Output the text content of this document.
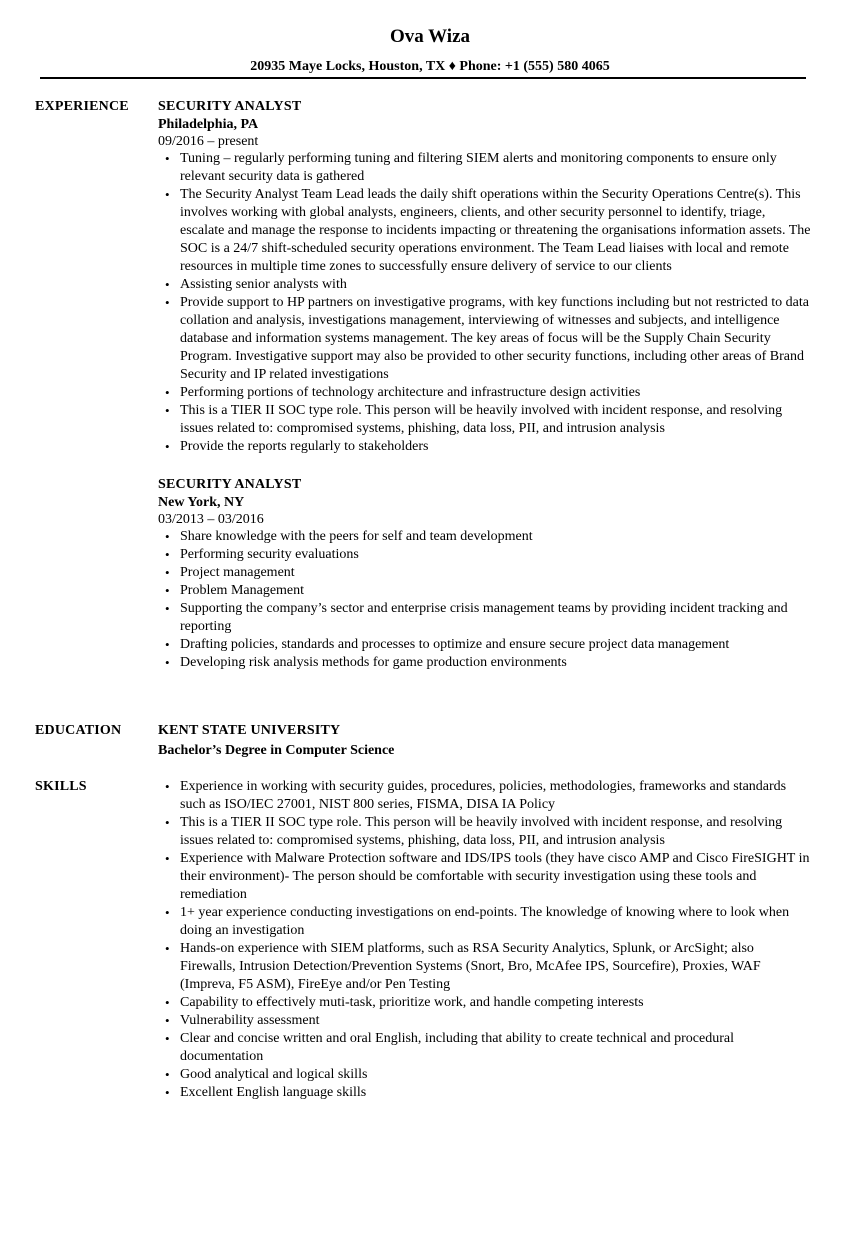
Ova Wiza
20935 Maye Locks, Houston, TX ♦ Phone: +1 (555) 580 4065
EXPERIENCE SECURITY ANALYST
Philadelphia, PA
09/2016 – present
• Tuning – regularly performing tuning and filtering SIEM alerts and monitoring components to ensure only relevant security data is gathered
• The Security Analyst Team Lead leads the daily shift operations within the Security Operations Centre(s). This involves working with global analysts, engineers, clients, and other security personnel to identify, triage, escalate and manage the response to incidents impacting or threatening the organisations information assets. The SOC is a 24/7 shift-scheduled security operations environment. The Team Lead liaises with local and remote resources in multiple time zones to successfully ensure delivery of service to our clients
• Assisting senior analysts with
• Provide support to HP partners on investigative programs, with key functions including but not restricted to data collation and analysis, investigations management, interviewing of witnesses and subjects, and intelligence database and information systems management. The key areas of focus will be the Supply Chain Security Program. Investigative support may also be provided to other security functions, including other areas of Brand Security and IP related investigations
• Performing portions of technology architecture and infrastructure design activities
• This is a TIER II SOC type role. This person will be heavily involved with incident response, and resolving issues related to: compromised systems, phishing, data loss, PII, and intrusion analysis
• Provide the reports regularly to stakeholders
SECURITY ANALYST
New York, NY
03/2013 – 03/2016
• Share knowledge with the peers for self and team development
• Performing security evaluations
• Project management
• Problem Management
• Supporting the company’s sector and enterprise crisis management teams by providing incident tracking and reporting
• Drafting policies, standards and processes to optimize and ensure secure project data management
• Developing risk analysis methods for game production environments
EDUCATION	KENT STATE UNIVERSITY
Bachelor’s Degree in Computer Science
SKILLS	• Experience in working with security guides, procedures, policies, methodologies, frameworks and standards such as ISO/IEC 27001, NIST 800 series, FISMA, DISA IA Policy
• This is a TIER II SOC type role. This person will be heavily involved with incident response, and resolving issues related to: compromised systems, phishing, data loss, PII, and intrusion analysis
• Experience with Malware Protection software and IDS/IPS tools (they have cisco AMP and Cisco FireSIGHT in their environment)- The person should be comfortable with security investigation using these tools and remediation
• 1+ year experience conducting investigations on end-points. The knowledge of knowing where to look when doing an investigation
• Hands-on experience with SIEM platforms, such as RSA Security Analytics, Splunk, or ArcSight; also Firewalls, Intrusion Detection/Prevention Systems (Snort, Bro, McAfee IPS, Sourcefire), Proxies, WAF (Impreva, F5 ASM), FireEye and/or Pen Testing
• Capability to effectively muti-task, prioritize work, and handle competing interests
• Vulnerability assessment
• Clear and concise written and oral English, including that ability to create technical and procedural documentation
• Good analytical and logical skills
• Excellent English language skills
